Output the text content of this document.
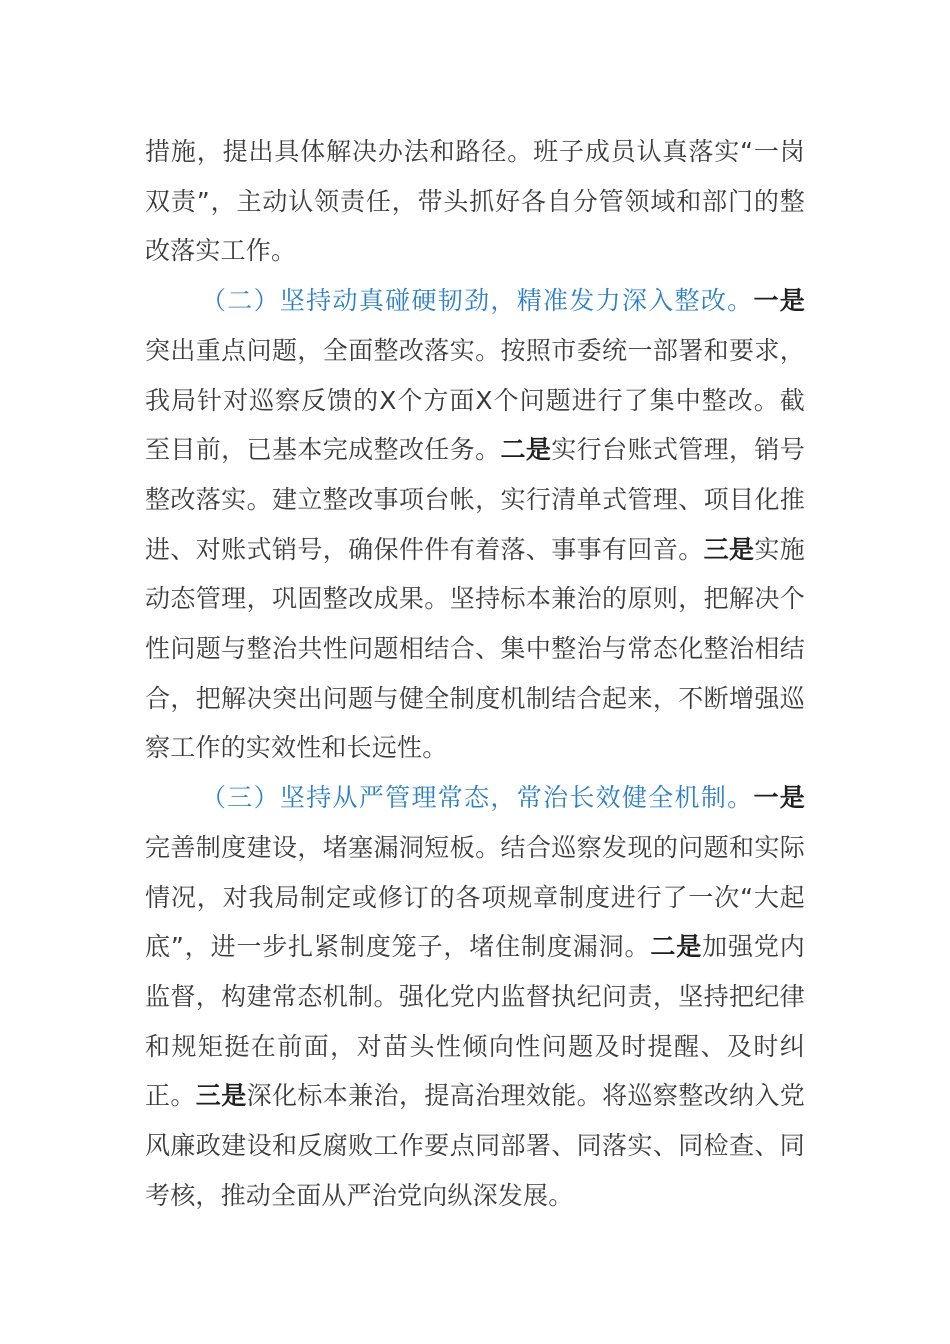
措施，提出具体解决办法和路径。班子成员认真落实“一岗双责”，主动认领责任，带头抓好各自分管领域和部门的整改落实工作。

（二）坚持动真碰硬韧劲，精准发力深入整改。一是突出重点问题，全面整改落实。按照市委统一部署和要求，我局针对巡察反馈的X个方面X个问题进行了集中整改。截至目前，已基本完成整改任务。二是实行台账式管理，销号整改落实。建立整改事项台帐，实行清单式管理、项目化推进、对账式销号，确保件件有着落、事事有回音。三是实施动态管理，巩固整改成果。坚持标本兼治的原则，把解决个性问题与整治共性问题相结合、集中整治与常态化整治相结合，把解决突出问题与健全制度机制结合起来，不断增强巡察工作的实效性和长远性。

（三）坚持从严管理常态，常治长效健全机制。一是完善制度建设，堵塞漏洞短板。结合巡察发现的问题和实际情况，对我局制定或修订的各项规章制度进行了一次“大起底”，进一步扎紧制度笼子，堵住制度漏洞。二是加强党内监督，构建常态机制。强化党内监督执纪问责，坚持把纪律和规矩挺在前面，对苗头性倾向性问题及时提醒、及时纠正。三是深化标本兼治，提高治理效能。将巡察整改纳入党风廉政建设和反腐败工作要点同部署、同落实、同检查、同考核，推动全面从严治党向纵深发展。
